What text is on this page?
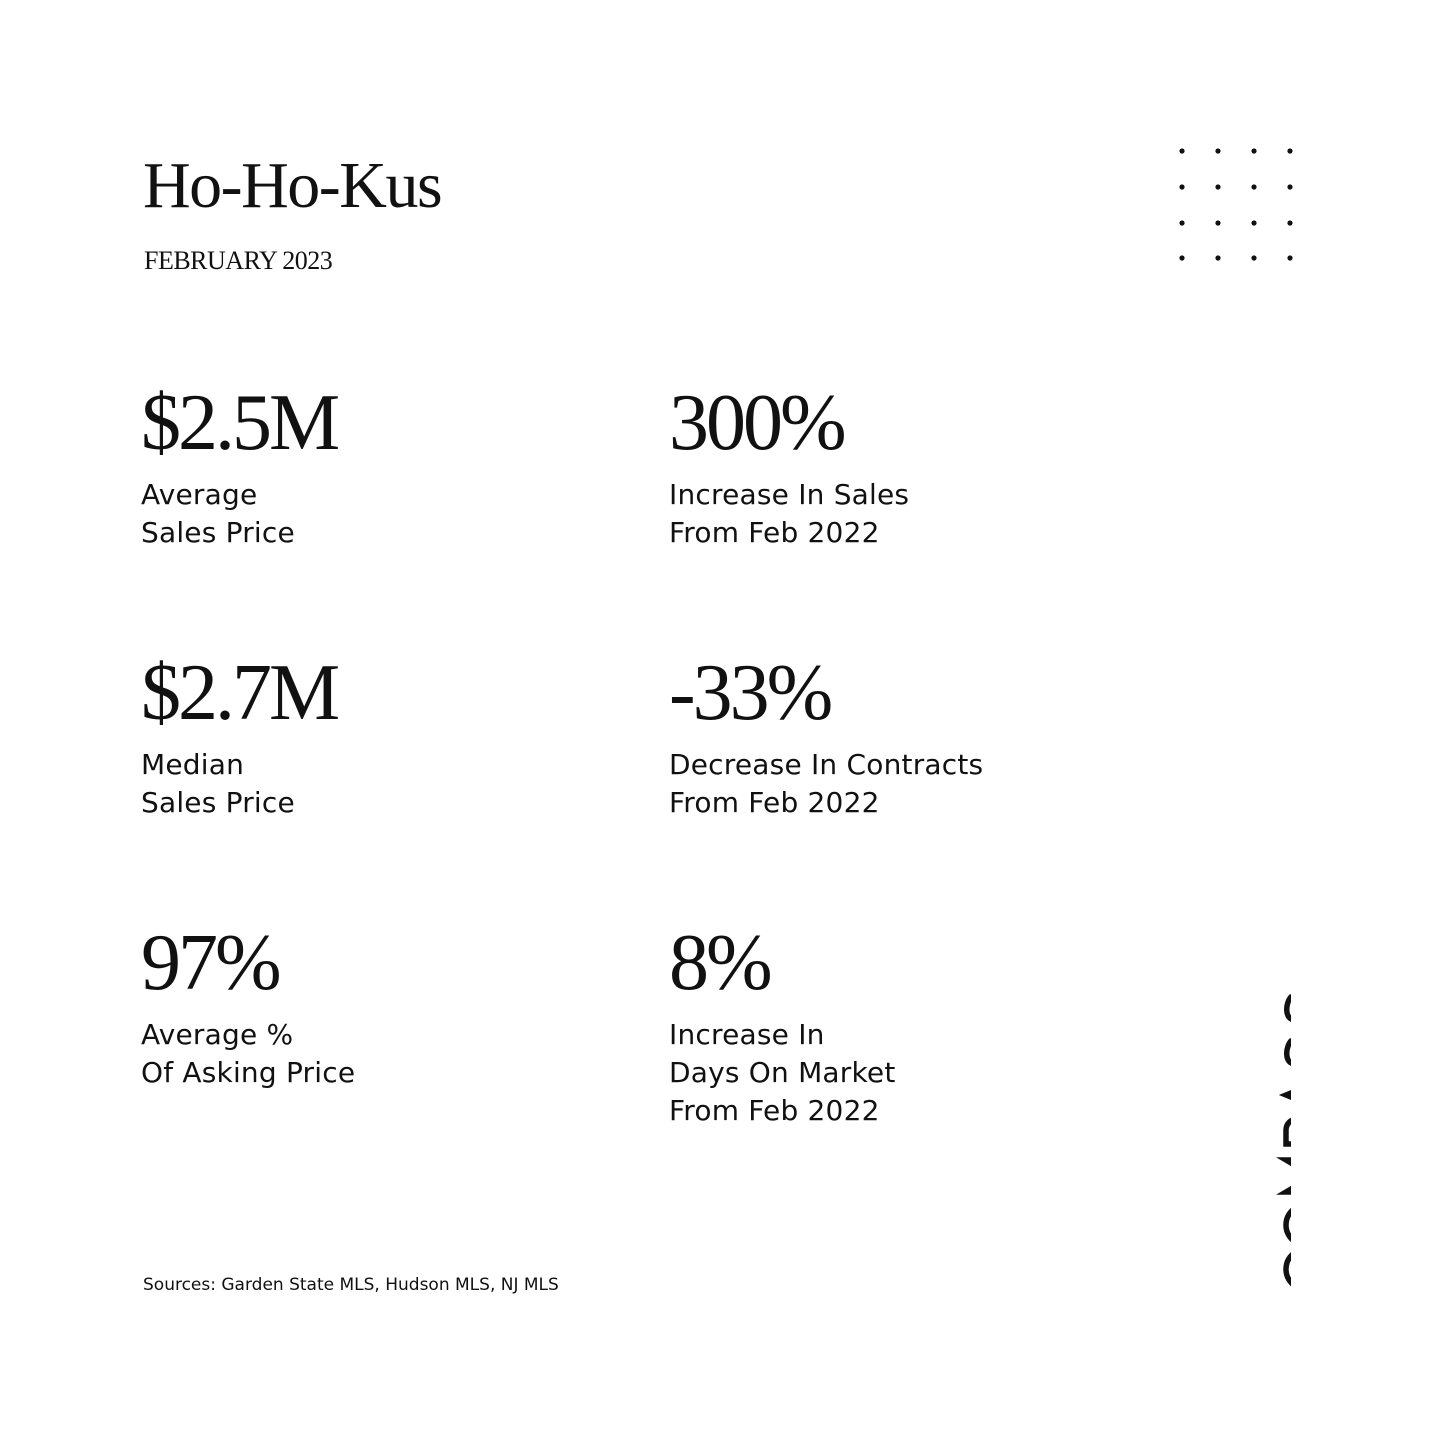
Ho-Ho-Kus
FEBRUARY 2023
$2.5M
Average
Sales Price
300%
Increase In Sales
From Feb 2022
$2.7M
Median
Sales Price
-33%
Decrease In Contracts
From Feb 2022
97%
Average %
Of Asking Price
8%
Increase In
Days On Market
From Feb 2022
Sources: Garden State MLS, Hudson MLS, NJ MLS
